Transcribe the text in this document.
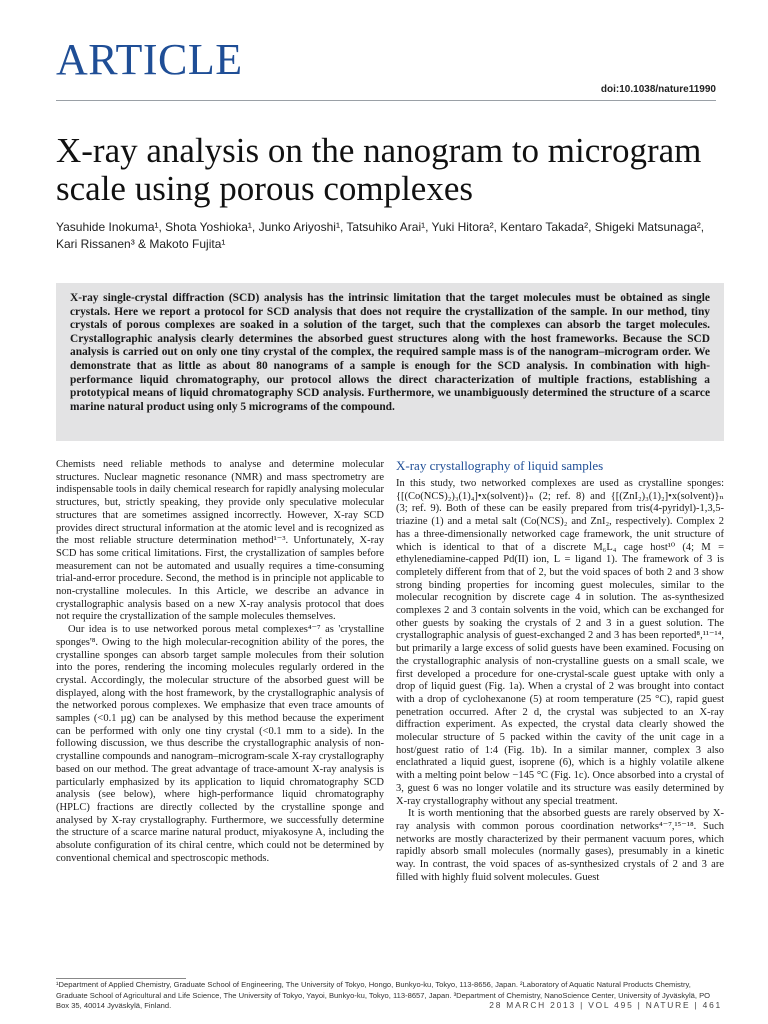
ARTICLE
doi:10.1038/nature11990
X-ray analysis on the nanogram to microgram scale using porous complexes
Yasuhide Inokuma¹, Shota Yoshioka¹, Junko Ariyoshi¹, Tatsuhiko Arai¹, Yuki Hitora², Kentaro Takada², Shigeki Matsunaga²,
Kari Rissanen³ & Makoto Fujita¹
X-ray single-crystal diffraction (SCD) analysis has the intrinsic limitation that the target molecules must be obtained as single crystals. Here we report a protocol for SCD analysis that does not require the crystallization of the sample. In our method, tiny crystals of porous complexes are soaked in a solution of the target, such that the complexes can absorb the target molecules. Crystallographic analysis clearly determines the absorbed guest structures along with the host frameworks. Because the SCD analysis is carried out on only one tiny crystal of the complex, the required sample mass is of the nanogram–microgram order. We demonstrate that as little as about 80 nanograms of a sample is enough for the SCD analysis. In combination with high-performance liquid chromatography, our protocol allows the direct characterization of multiple fractions, establishing a prototypical means of liquid chromatography SCD analysis. Furthermore, we unambiguously determined the structure of a scarce marine natural product using only 5 micrograms of the compound.

Chemists need reliable methods to analyse and determine molecular structures. Nuclear magnetic resonance (NMR) and mass spectrometry are indispensable tools in daily chemical research for rapidly analysing molecular structures, but, strictly speaking, they provide only speculative molecular structures that are sometimes assigned incorrectly. However, X-ray SCD provides direct structural information at the atomic level and is recognized as the most reliable structure determination method¹⁻³. Unfortunately, X-ray SCD has some critical limitations. First, the crystallization of samples before measurement can not be automated and usually requires a time-consuming trial-and-error procedure. Second, the method is in principle not applicable to non-crystalline molecules. In this Article, we describe an advance in crystallographic analysis based on a new X-ray analysis protocol that does not require the crystallization of the sample molecules themselves.

Our idea is to use networked porous metal complexes⁴⁻⁷ as 'crystalline sponges'⁸. Owing to the high molecular-recognition ability of the pores, the crystalline sponges can absorb target sample molecules from their solution into the pores, rendering the incoming molecules regularly ordered in the crystal. Accordingly, the molecular structure of the absorbed guest will be displayed, along with the host framework, by the crystallographic analysis of the networked porous complexes. We emphasize that even trace amounts of samples (<0.1 µg) can be analysed by this method because the experiment can be performed with only one tiny crystal (<0.1 mm to a side). In the following discussion, we thus describe the crystallographic analysis of non-crystalline compounds and nanogram–microgram-scale X-ray crystallography based on our method. The great advantage of trace-amount X-ray analysis is particularly emphasized by its application to liquid chromatography SCD analysis (see below), where high-performance liquid chromatography (HPLC) fractions are directly collected by the crystalline sponge and analysed by X-ray crystallography. Furthermore, we successfully determine the structure of a scarce marine natural product, miyakosyne A, including the absolute configuration of its chiral centre, which could not be determined by conventional chemical and spectroscopic methods.

X-ray crystallography of liquid samples

In this study, two networked complexes are used as crystalline sponges: {[(Co(NCS)₂)₃(1)₄]•x(solvent)}ₙ (2; ref. 8) and {[(ZnI₂)₃(1)₂]•x(solvent)}ₙ (3; ref. 9). Both of these can be easily prepared from tris(4-pyridyl)-1,3,5-triazine (1) and a metal salt (Co(NCS)₂ and ZnI₂, respectively). Complex 2 has a three-dimensionally networked cage framework, the unit structure of which is identical to that of a discrete M₆L₄ cage host¹⁰ (4; M = ethylenediamine-capped Pd(II) ion, L = ligand 1). The framework of 3 is completely different from that of 2, but the void spaces of both 2 and 3 show strong binding properties for incoming guest molecules, similar to the molecular recognition by discrete cage 4 in solution. The as-synthesized complexes 2 and 3 contain solvents in the void, which can be exchanged for other guests by soaking the crystals of 2 and 3 in a guest solution. The crystallographic analysis of guest-exchanged 2 and 3 has been reported⁸,¹¹⁻¹⁴, but primarily a large excess of solid guests have been examined. Focusing on the crystallographic analysis of non-crystalline guests on a small scale, we first developed a procedure for one-crystal-scale guest uptake with only a drop of liquid guest (Fig. 1a). When a crystal of 2 was brought into contact with a drop of cyclohexanone (5) at room temperature (25 °C), rapid guest penetration occurred. After 2 d, the crystal was subjected to an X-ray diffraction experiment. As expected, the crystal data clearly showed the molecular structure of 5 packed within the cavity of the unit cage in a host/guest ratio of 1:4 (Fig. 1b). In a similar manner, complex 3 also enclathrated a liquid guest, isoprene (6), which is a highly volatile alkene with a melting point below −145 °C (Fig. 1c). Once absorbed into a crystal of 3, guest 6 was no longer volatile and its structure was easily determined by X-ray crystallography without any special treatment.

It is worth mentioning that the absorbed guests are rarely observed by X-ray analysis with common porous coordination networks⁴⁻⁷,¹⁵⁻¹⁸. Such networks are mostly characterized by their permanent vacuum pores, which rapidly absorb small molecules (normally gases), presumably in a kinetic way. In contrast, the void spaces of as-synthesized crystals of 2 and 3 are filled with highly fluid solvent molecules. Guest

¹Department of Applied Chemistry, Graduate School of Engineering, The University of Tokyo, Hongo, Bunkyo-ku, Tokyo, 113-8656, Japan. ²Laboratory of Aquatic Natural Products Chemistry, Graduate School of Agricultural and Life Science, The University of Tokyo, Yayoi, Bunkyo-ku, Tokyo, 113-8657, Japan. ³Department of Chemistry, NanoScience Center, University of Jyväskylä, PO Box 35, 40014 Jyväskylä, Finland.	28 MARCH 2013 | VOL 495 | NATURE | 461
